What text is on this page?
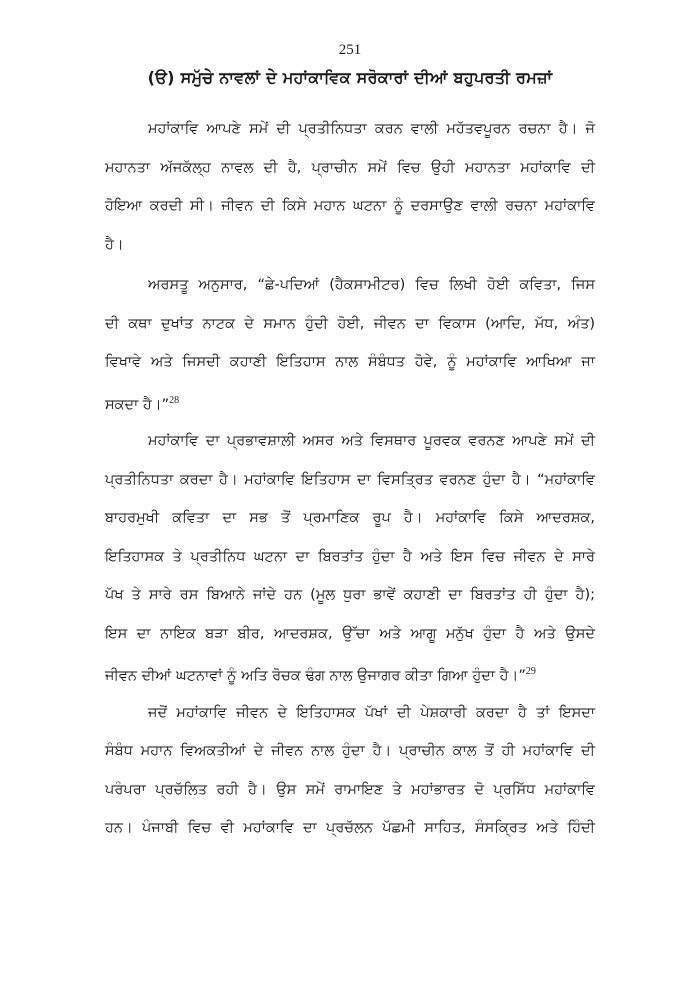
251
(ੳ) ਸਮੁੱਚੇ ਨਾਵਲਾਂ ਦੇ ਮਹਾਂਕਾਵਿਕ ਸਰੋਕਾਰਾਂ ਦੀਆਂ ਬਹੁਪਰਤੀ ਰਮਜ਼ਾਂ
ਮਹਾਂਕਾਵਿ ਆਪਣੇ ਸਮੇਂ ਦੀ ਪ੍ਰਤੀਨਿਧਤਾ ਕਰਨ ਵਾਲੀ ਮਹੱਤਵਪੂਰਨ ਰਚਨਾ ਹੈ। ਜੋ
ਮਹਾਨਤਾ ਅੱਜਕੱਲ੍ਹ ਨਾਵਲ ਦੀ ਹੈ, ਪ੍ਰਾਚੀਨ ਸਮੇਂ ਵਿਚ ਉਹੀ ਮਹਾਨਤਾ ਮਹਾਂਕਾਵਿ ਦੀ
ਹੋਇਆ ਕਰਦੀ ਸੀ। ਜੀਵਨ ਦੀ ਕਿਸੇ ਮਹਾਨ ਘਟਨਾ ਨੂੰ ਦਰਸਾਉਣ ਵਾਲੀ ਰਚਨਾ ਮਹਾਂਕਾਵਿ
ਹੈ।
ਅਰਸਤੂ ਅਨੁਸਾਰ, “ਛੇ-ਪਦਿਆਂ (ਹੈਕਸਾਮੀਟਰ) ਵਿਚ ਲਿਖੀ ਹੋਈ ਕਵਿਤਾ, ਜਿਸ
ਦੀ ਕਥਾ ਦੁਖਾਂਤ ਨਾਟਕ ਦੇ ਸਮਾਨ ਹੁੰਦੀ ਹੋਈ, ਜੀਵਨ ਦਾ ਵਿਕਾਸ (ਆਦਿ, ਮੱਧ, ਅੰਤ)
ਵਿਖਾਵੇ ਅਤੇ ਜਿਸਦੀ ਕਹਾਣੀ ਇਤਿਹਾਸ ਨਾਲ ਸੰਬੰਧਤ ਹੋਵੇ, ਨੂੰ ਮਹਾਂਕਾਵਿ ਆਖਿਆ ਜਾ
ਸਕਦਾ ਹੈ।”$^{28}$
ਮਹਾਂਕਾਵਿ ਦਾ ਪ੍ਰਭਾਵਸ਼ਾਲੀ ਅਸਰ ਅਤੇ ਵਿਸਥਾਰ ਪੂਰਵਕ ਵਰਨਣ ਆਪਣੇ ਸਮੇਂ ਦੀ
ਪ੍ਰਤੀਨਿਧਤਾ ਕਰਦਾ ਹੈ। ਮਹਾਂਕਾਵਿ ਇਤਿਹਾਸ ਦਾ ਵਿਸਤ੍ਰਿਤ ਵਰਨਣ ਹੁੰਦਾ ਹੈ। “ਮਹਾਂਕਾਵਿ
ਬਾਹਰਮੁਖੀ ਕਵਿਤਾ ਦਾ ਸਭ ਤੋਂ ਪ੍ਰਮਾਣਿਕ ਰੂਪ ਹੈ। ਮਹਾਂਕਾਵਿ ਕਿਸੇ ਆਦਰਸ਼ਕ,
ਇਤਿਹਾਸਕ ਤੇ ਪ੍ਰਤੀਨਿਧ ਘਟਨਾ ਦਾ ਬਿਰਤਾਂਤ ਹੁੰਦਾ ਹੈ ਅਤੇ ਇਸ ਵਿਚ ਜੀਵਨ ਦੇ ਸਾਰੇ
ਪੱਖ ਤੇ ਸਾਰੇ ਰਸ ਬਿਆਨੇ ਜਾਂਦੇ ਹਨ (ਮੂਲ ਧੁਰਾ ਭਾਵੇਂ ਕਹਾਣੀ ਦਾ ਬਿਰਤਾਂਤ ਹੀ ਹੁੰਦਾ ਹੈ);
ਇਸ ਦਾ ਨਾਇਕ ਬੜਾ ਬੀਰ, ਆਦਰਸ਼ਕ, ਉੱਚਾ ਅਤੇ ਆਗੂ ਮਨੁੱਖ ਹੁੰਦਾ ਹੈ ਅਤੇ ਉਸਦੇ
ਜੀਵਨ ਦੀਆਂ ਘਟਨਾਵਾਂ ਨੂੰ ਅਤਿ ਰੋਚਕ ਢੰਗ ਨਾਲ ਉਜਾਗਰ ਕੀਤਾ ਗਿਆ ਹੁੰਦਾ ਹੈ।”$^{29}$
ਜਦੋਂ ਮਹਾਂਕਾਵਿ ਜੀਵਨ ਦੇ ਇਤਿਹਾਸਕ ਪੱਖਾਂ ਦੀ ਪੇਸ਼ਕਾਰੀ ਕਰਦਾ ਹੈ ਤਾਂ ਇਸਦਾ
ਸੰਬੰਧ ਮਹਾਨ ਵਿਅਕਤੀਆਂ ਦੇ ਜੀਵਨ ਨਾਲ ਹੁੰਦਾ ਹੈ। ਪ੍ਰਾਚੀਨ ਕਾਲ ਤੋਂ ਹੀ ਮਹਾਂਕਾਵਿ ਦੀ
ਪਰੰਪਰਾ ਪ੍ਰਚੱਲਿਤ ਰਹੀ ਹੈ। ਉਸ ਸਮੇਂ ਰਾਮਾਇਣ ਤੇ ਮਹਾਂਭਾਰਤ ਦੋ ਪ੍ਰਸਿੱਧ ਮਹਾਂਕਾਵਿ
ਹਨ। ਪੰਜਾਬੀ ਵਿਚ ਵੀ ਮਹਾਂਕਾਵਿ ਦਾ ਪ੍ਰਚੱਲਨ ਪੱਛਮੀ ਸਾਹਿਤ, ਸੰਸਕ੍ਰਿਤ ਅਤੇ ਹਿੰਦੀ
